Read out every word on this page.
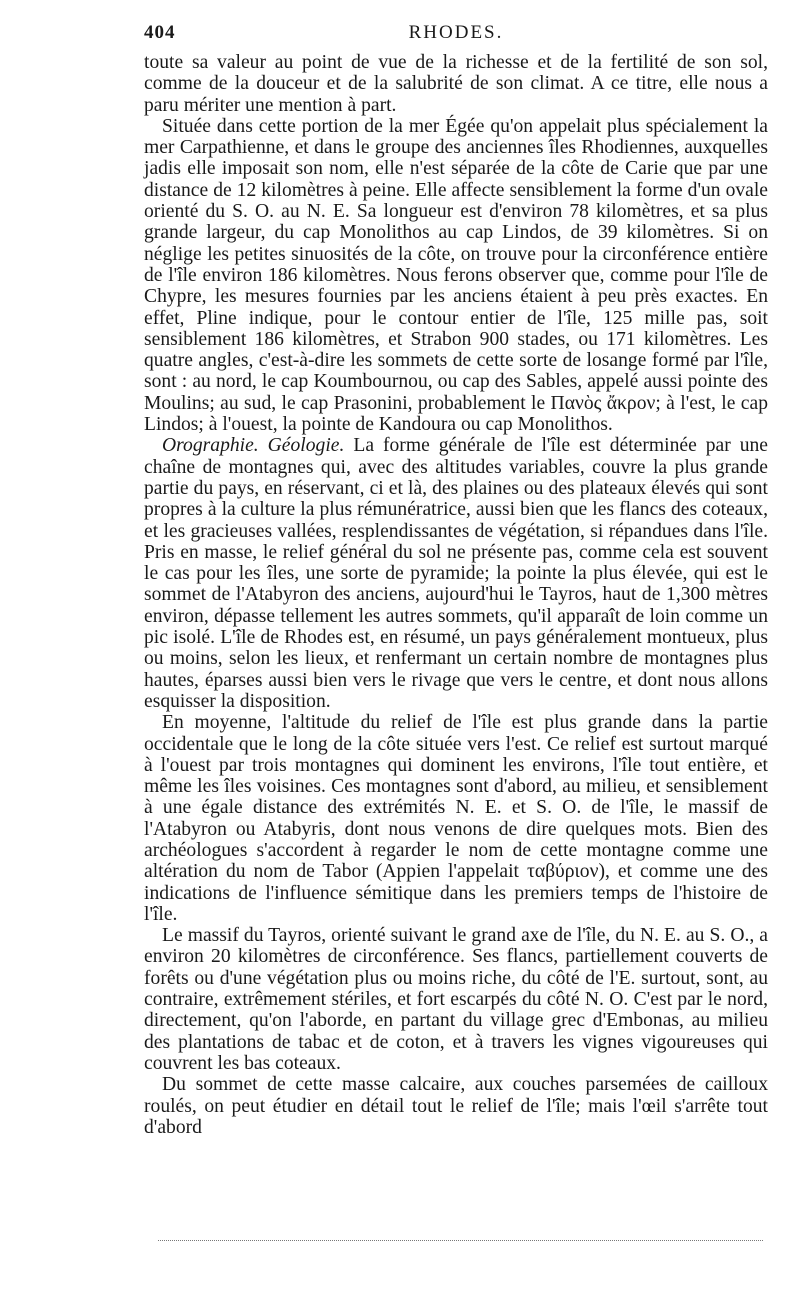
404	RHODES.

toute sa valeur au point de vue de la richesse et de la fertilité de son sol, comme de la douceur et de la salubrité de son climat. A ce titre, elle nous a paru mériter une mention à part.

Située dans cette portion de la mer Égée qu'on appelait plus spécialement la mer Carpathienne, et dans le groupe des anciennes îles Rhodiennes, auxquelles jadis elle imposait son nom, elle n'est séparée de la côte de Carie que par une distance de 12 kilomètres à peine. Elle affecte sensiblement la forme d'un ovale orienté du S. O. au N. E. Sa longueur est d'environ 78 kilomètres, et sa plus grande largeur, du cap Monolithos au cap Lindos, de 39 kilomètres. Si on néglige les petites sinuosités de la côte, on trouve pour la circonférence entière de l'île environ 186 kilomètres. Nous ferons observer que, comme pour l'île de Chypre, les mesures fournies par les anciens étaient à peu près exactes. En effet, Pline indique, pour le contour entier de l'île, 125 mille pas, soit sensiblement 186 kilomètres, et Strabon 900 stades, ou 171 kilomètres. Les quatre angles, c'est-à-dire les sommets de cette sorte de losange formé par l'île, sont : au nord, le cap Koumbournou, ou cap des Sables, appelé aussi pointe des Moulins; au sud, le cap Prasonini, probablement le Πανὸς ἄκρον; à l'est, le cap Lindos; à l'ouest, la pointe de Kandoura ou cap Monolithos.

Orographie. Géologie. La forme générale de l'île est déterminée par une chaîne de montagnes qui, avec des altitudes variables, couvre la plus grande partie du pays, en réservant, ci et là, des plaines ou des plateaux élevés qui sont propres à la culture la plus rémunératrice, aussi bien que les flancs des coteaux, et les gracieuses vallées, resplendissantes de végétation, si répandues dans l'île. Pris en masse, le relief général du sol ne présente pas, comme cela est souvent le cas pour les îles, une sorte de pyramide; la pointe la plus élevée, qui est le sommet de l'Atabyron des anciens, aujourd'hui le Tayros, haut de 1,300 mètres environ, dépasse tellement les autres sommets, qu'il apparaît de loin comme un pic isolé. L'île de Rhodes est, en résumé, un pays généralement montueux, plus ou moins, selon les lieux, et renfermant un certain nombre de montagnes plus hautes, éparses aussi bien vers le rivage que vers le centre, et dont nous allons esquisser la disposition.

En moyenne, l'altitude du relief de l'île est plus grande dans la partie occidentale que le long de la côte située vers l'est. Ce relief est surtout marqué à l'ouest par trois montagnes qui dominent les environs, l'île tout entière, et même les îles voisines. Ces montagnes sont d'abord, au milieu, et sensiblement à une égale distance des extrémités N. E. et S. O. de l'île, le massif de l'Atabyron ou Atabyris, dont nous venons de dire quelques mots. Bien des archéologues s'accordent à regarder le nom de cette montagne comme une altération du nom de Tabor (Appien l'appelait ταβύριον), et comme une des indications de l'influence sémitique dans les premiers temps de l'histoire de l'île.

Le massif du Tayros, orienté suivant le grand axe de l'île, du N. E. au S. O., a environ 20 kilomètres de circonférence. Ses flancs, partiellement couverts de forêts ou d'une végétation plus ou moins riche, du côté de l'E. surtout, sont, au contraire, extrêmement stériles, et fort escarpés du côté N. O. C'est par le nord, directement, qu'on l'aborde, en partant du village grec d'Embonas, au milieu des plantations de tabac et de coton, et à travers les vignes vigoureuses qui couvrent les bas coteaux.

Du sommet de cette masse calcaire, aux couches parsemées de cailloux roulés, on peut étudier en détail tout le relief de l'île; mais l'œil s'arrête tout d'abord
